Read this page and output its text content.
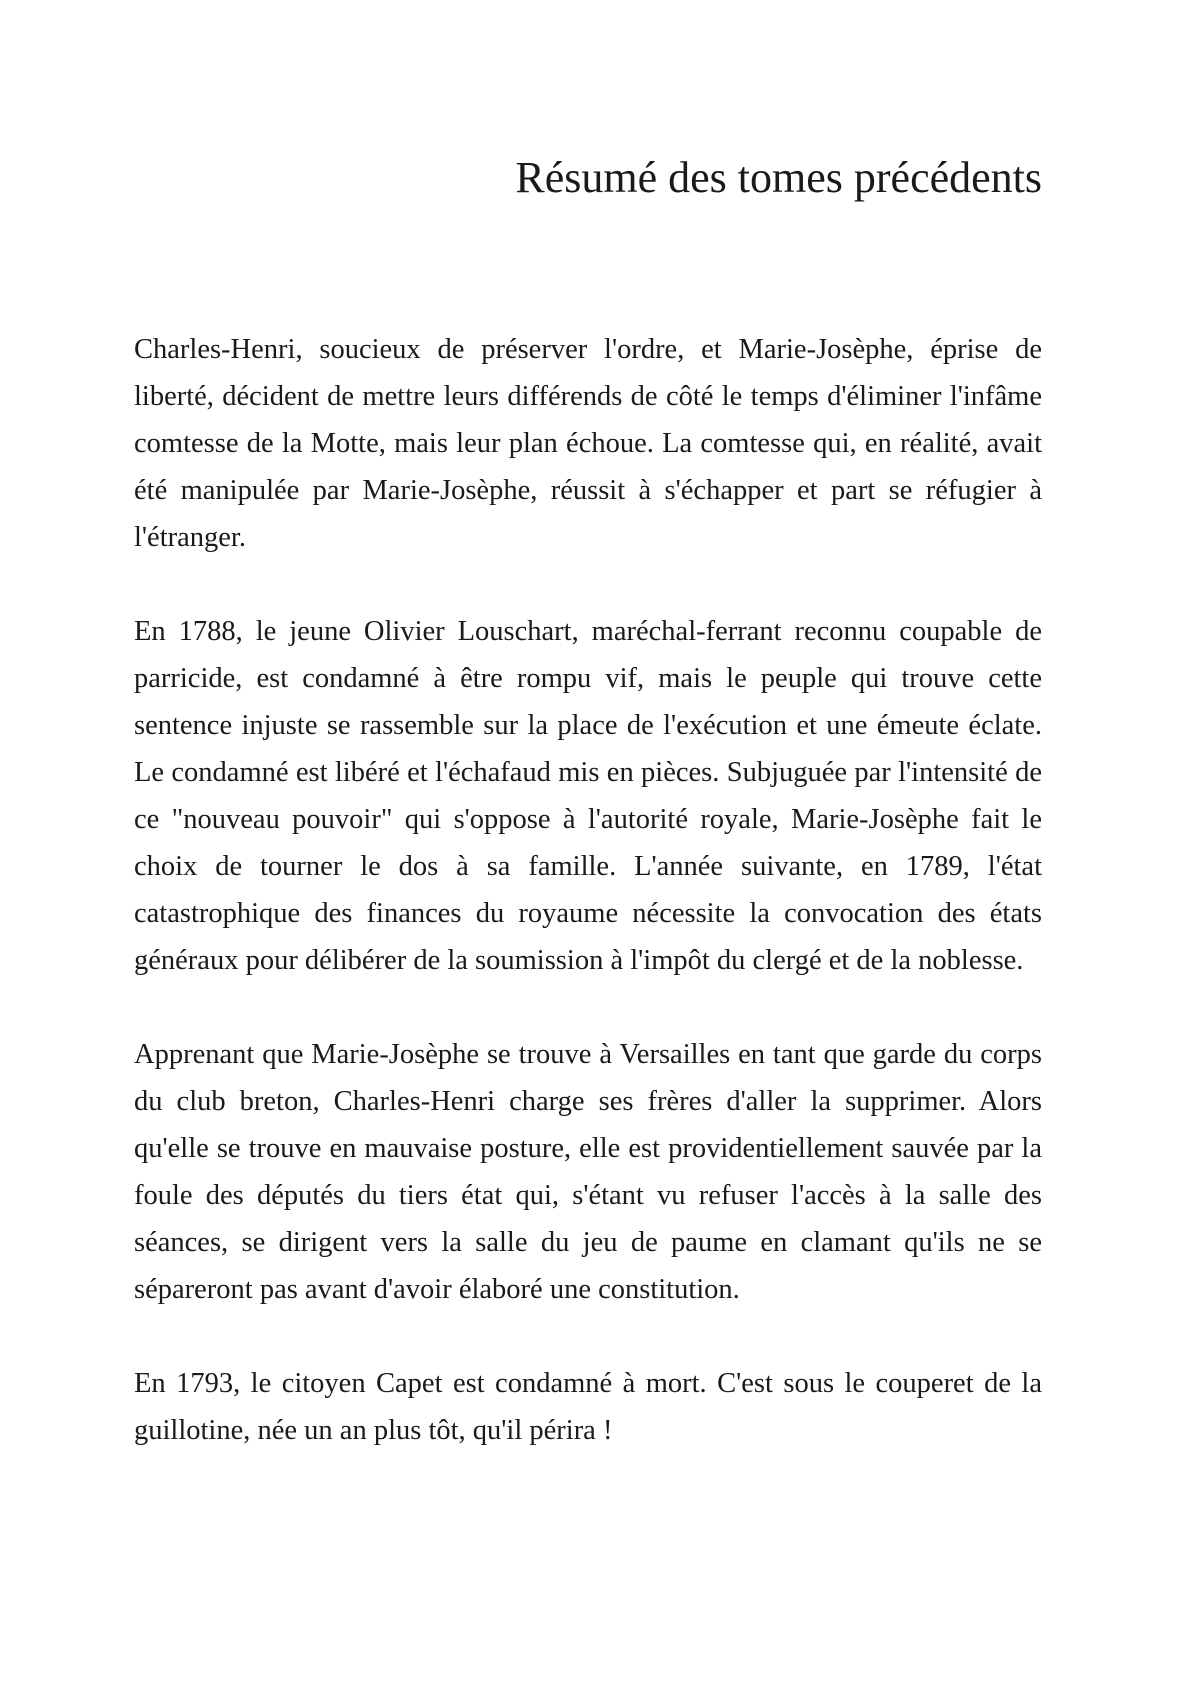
Résumé des tomes précédents

Charles-Henri, soucieux de préserver l'ordre, et Marie-Josèphe, éprise de liberté, décident de mettre leurs différends de côté le temps d'éliminer l'infâme comtesse de la Motte, mais leur plan échoue. La comtesse qui, en réalité, avait été manipulée par Marie-Josèphe, réussit à s'échapper et part se réfugier à l'étranger.

En 1788, le jeune Olivier Louschart, maréchal-ferrant reconnu coupable de parricide, est condamné à être rompu vif, mais le peuple qui trouve cette sentence injuste se rassemble sur la place de l'exécution et une émeute éclate. Le condamné est libéré et l'échafaud mis en pièces. Subjuguée par l'intensité de ce "nouveau pouvoir" qui s'oppose à l'autorité royale, Marie-Josèphe fait le choix de tourner le dos à sa famille. L'année suivante, en 1789, l'état catastrophique des finances du royaume nécessite la convocation des états généraux pour délibérer de la soumission à l'impôt du clergé et de la noblesse.

Apprenant que Marie-Josèphe se trouve à Versailles en tant que garde du corps du club breton, Charles-Henri charge ses frères d'aller la supprimer. Alors qu'elle se trouve en mauvaise posture, elle est providentiellement sauvée par la foule des députés du tiers état qui, s'étant vu refuser l'accès à la salle des séances, se dirigent vers la salle du jeu de paume en clamant qu'ils ne se sépareront pas avant d'avoir élaboré une constitution.

En 1793, le citoyen Capet est condamné à mort. C'est sous le couperet de la guillotine, née un an plus tôt, qu'il périra !
